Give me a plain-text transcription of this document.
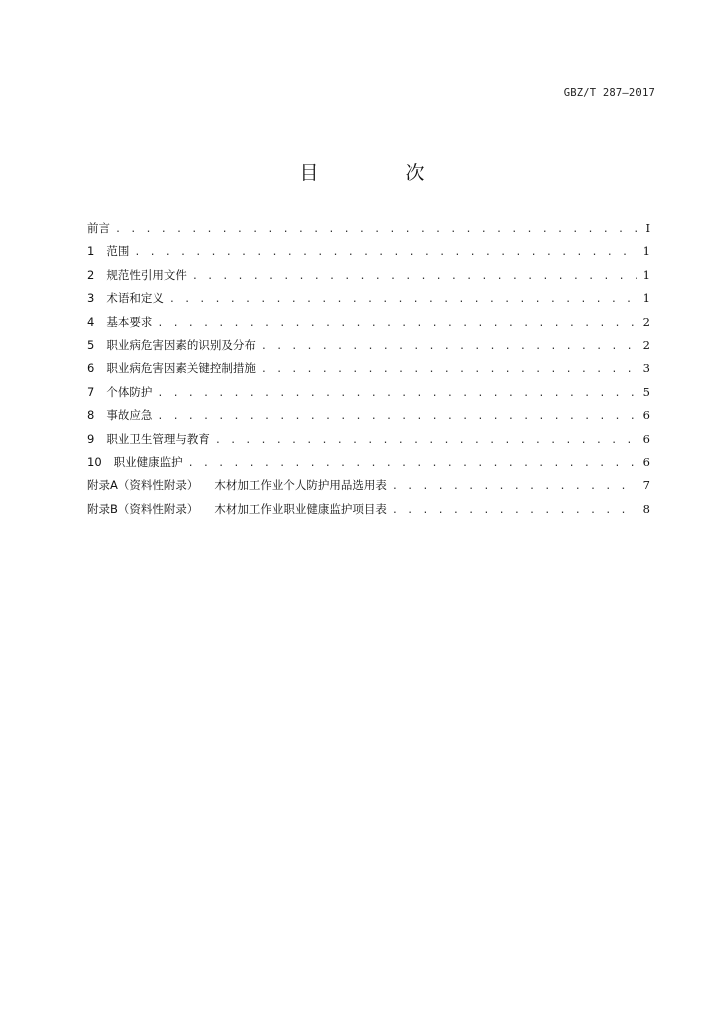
GBZ/T 287—2017
目　次
前言 . . .	I
1	范围 . . .	1
2	规范性引用文件 . . .	1
3	术语和定义 . . .	1
4	基本要求 . . .	2
5	职业病危害因素的识别及分布 . . .	2
6	职业病危害因素关键控制措施 . . .	3
7	个体防护 . . .	5
8	事故应急 . . .	6
9	职业卫生管理与教育 . . .	6
10	职业健康监护 . . .	6
附录A（资料性附录）	木材加工作业个人防护用品选用表 . . .	7
附录B（资料性附录）	木材加工作业职业健康监护项目表 . . .	8
